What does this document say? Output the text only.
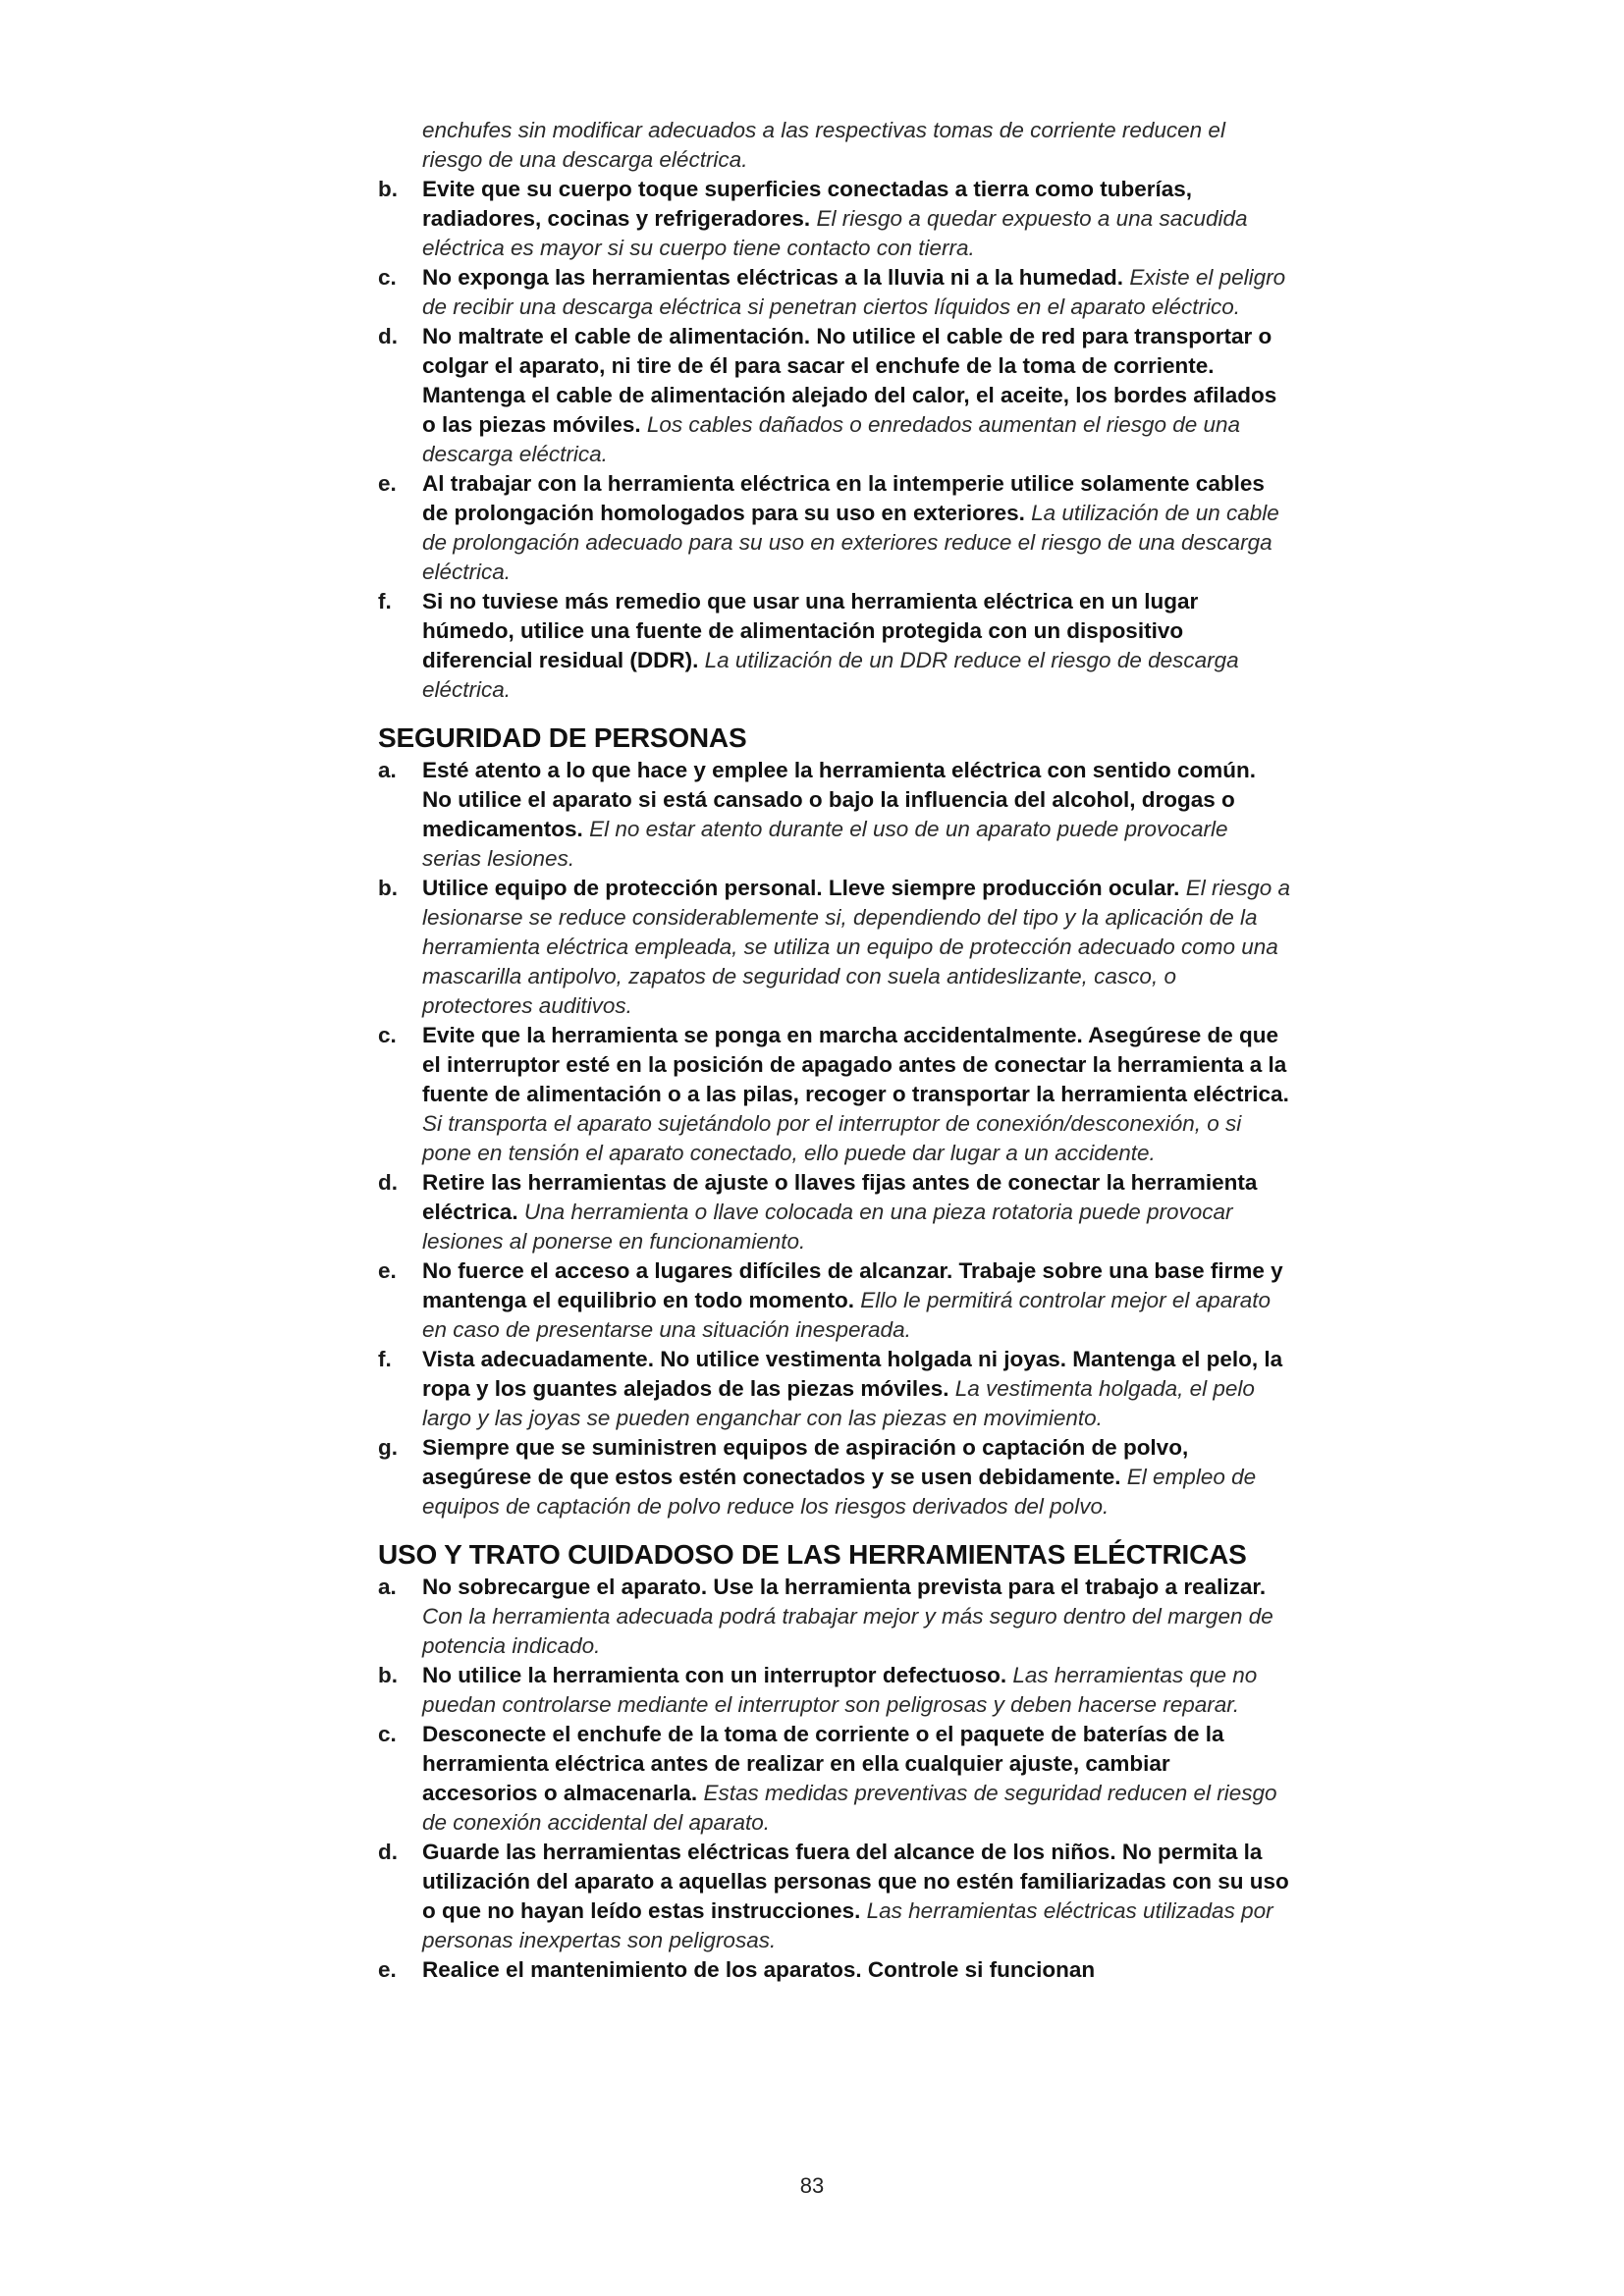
enchufes sin modificar adecuados a las respectivas tomas de corriente reducen el riesgo de una descarga eléctrica.
b. Evite que su cuerpo toque superficies conectadas a tierra como tuberías, radiadores, cocinas y refrigeradores. El riesgo a quedar expuesto a una sacudida eléctrica es mayor si su cuerpo tiene contacto con tierra.
c. No exponga las herramientas eléctricas a la lluvia ni a la humedad. Existe el peligro de recibir una descarga eléctrica si penetran ciertos líquidos en el aparato eléctrico.
d. No maltrate el cable de alimentación. No utilice el cable de red para transportar o colgar el aparato, ni tire de él para sacar el enchufe de la toma de corriente. Mantenga el cable de alimentación alejado del calor, el aceite, los bordes afilados o las piezas móviles. Los cables dañados o enredados aumentan el riesgo de una descarga eléctrica.
e. Al trabajar con la herramienta eléctrica en la intemperie utilice solamente cables de prolongación homologados para su uso en exteriores. La utilización de un cable de prolongación adecuado para su uso en exteriores reduce el riesgo de una descarga eléctrica.
f. Si no tuviese más remedio que usar una herramienta eléctrica en un lugar húmedo, utilice una fuente de alimentación protegida con un dispositivo diferencial residual (DDR). La utilización de un DDR reduce el riesgo de descarga eléctrica.
SEGURIDAD DE PERSONAS
a. Esté atento a lo que hace y emplee la herramienta eléctrica con sentido común. No utilice el aparato si está cansado o bajo la influencia del alcohol, drogas o medicamentos. El no estar atento durante el uso de un aparato puede provocarle serias lesiones.
b. Utilice equipo de protección personal. Lleve siempre producción ocular. El riesgo a lesionarse se reduce considerablemente si, dependiendo del tipo y la aplicación de la herramienta eléctrica empleada, se utiliza un equipo de protección adecuado como una mascarilla antipolvo, zapatos de seguridad con suela antideslizante, casco, o protectores auditivos.
c. Evite que la herramienta se ponga en marcha accidentalmente. Asegúrese de que el interruptor esté en la posición de apagado antes de conectar la herramienta a la fuente de alimentación o a las pilas, recoger o transportar la herramienta eléctrica. Si transporta el aparato sujetándolo por el interruptor de conexión/desconexión, o si pone en tensión el aparato conectado, ello puede dar lugar a un accidente.
d. Retire las herramientas de ajuste o llaves fijas antes de conectar la herramienta eléctrica. Una herramienta o llave colocada en una pieza rotatoria puede provocar lesiones al ponerse en funcionamiento.
e. No fuerce el acceso a lugares difíciles de alcanzar. Trabaje sobre una base firme y mantenga el equilibrio en todo momento. Ello le permitirá controlar mejor el aparato en caso de presentarse una situación inesperada.
f. Vista adecuadamente. No utilice vestimenta holgada ni joyas. Mantenga el pelo, la ropa y los guantes alejados de las piezas móviles. La vestimenta holgada, el pelo largo y las joyas se pueden enganchar con las piezas en movimiento.
g. Siempre que se suministren equipos de aspiración o captación de polvo, asegúrese de que estos estén conectados y se usen debidamente. El empleo de equipos de captación de polvo reduce los riesgos derivados del polvo.
USO Y TRATO CUIDADOSO DE LAS HERRAMIENTAS ELÉCTRICAS
a. No sobrecargue el aparato. Use la herramienta prevista para el trabajo a realizar. Con la herramienta adecuada podrá trabajar mejor y más seguro dentro del margen de potencia indicado.
b. No utilice la herramienta con un interruptor defectuoso. Las herramientas que no puedan controlarse mediante el interruptor son peligrosas y deben hacerse reparar.
c. Desconecte el enchufe de la toma de corriente o el paquete de baterías de la herramienta eléctrica antes de realizar en ella cualquier ajuste, cambiar accesorios o almacenarla. Estas medidas preventivas de seguridad reducen el riesgo de conexión accidental del aparato.
d. Guarde las herramientas eléctricas fuera del alcance de los niños. No permita la utilización del aparato a aquellas personas que no estén familiarizadas con su uso o que no hayan leído estas instrucciones. Las herramientas eléctricas utilizadas por personas inexpertas son peligrosas.
e. Realice el mantenimiento de los aparatos. Controle si funcionan
83
